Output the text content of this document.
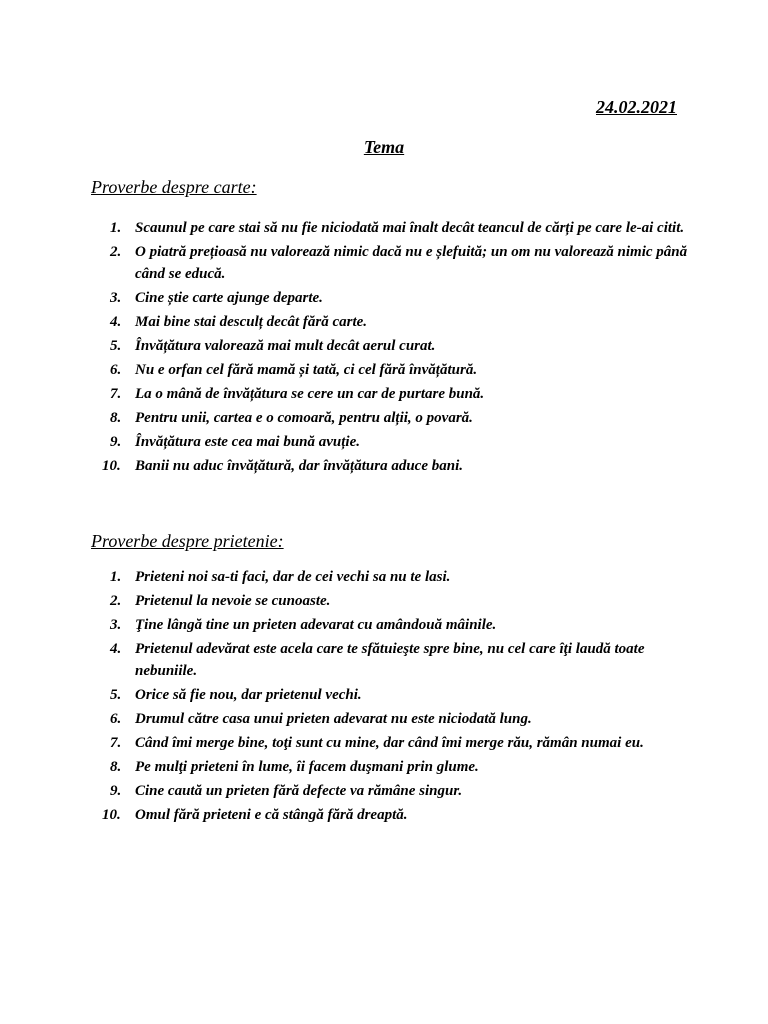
24.02.2021
Tema
Proverbe despre carte:
1. Scaunul pe care stai să nu fie niciodată mai înalt decât teancul de cărți pe care le-ai citit.
2. O piatră prețioasă nu valorează nimic dacă nu e șlefuită; un om nu valorează nimic până când se educă.
3. Cine știe carte ajunge departe.
4. Mai bine stai desculț decât fără carte.
5. Învățătura valorează mai mult decât aerul curat.
6. Nu e orfan cel fără mamă și tată, ci cel fără învățătură.
7. La o mână de învățătura se cere un car de purtare bună.
8. Pentru unii, cartea e o comoară, pentru alții, o povară.
9. Învățătura este cea mai bună avuție.
10. Banii nu aduc învățătură, dar învățătura aduce bani.
Proverbe despre prietenie:
1. Prieteni noi sa-ti faci, dar de cei vechi sa nu te lasi.
2. Prietenul la nevoie se cunoaste.
3. Ţine lângă tine un prieten adevarat cu amândouă mâinile.
4. Prietenul adevărat este acela care te sfătuieşte spre bine, nu cel care îţi laudă toate nebuniile.
5. Orice să fie nou, dar prietenul vechi.
6. Drumul către casa unui prieten adevarat nu este niciodată lung.
7. Când îmi merge bine, toţi sunt cu mine, dar când îmi merge rău, rămân numai eu.
8. Pe mulţi prieteni în lume, îi facem duşmani prin glume.
9. Cine caută un prieten fără defecte va rămâne singur.
10. Omul fără prieteni e că stângă fără dreaptă.
